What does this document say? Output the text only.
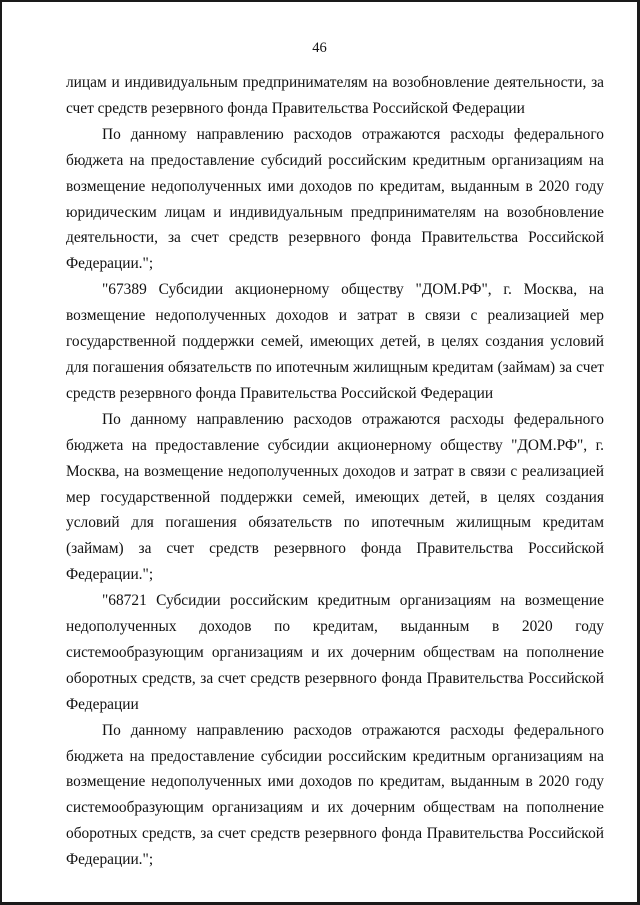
46

лицам и индивидуальным предпринимателям на возобновление деятельности, за счет средств резервного фонда Правительства Российской Федерации

По данному направлению расходов отражаются расходы федерального бюджета на предоставление субсидий российским кредитным организациям на возмещение недополученных ими доходов по кредитам, выданным в 2020 году юридическим лицам и индивидуальным предпринимателям на возобновление деятельности, за счет средств резервного фонда Правительства Российской Федерации.";

"67389 Субсидии акционерному обществу "ДОМ.РФ", г. Москва, на возмещение недополученных доходов и затрат в связи с реализацией мер государственной поддержки семей, имеющих детей, в целях создания условий для погашения обязательств по ипотечным жилищным кредитам (займам) за счет средств резервного фонда Правительства Российской Федерации

По данному направлению расходов отражаются расходы федерального бюджета на предоставление субсидии акционерному обществу "ДОМ.РФ", г. Москва, на возмещение недополученных доходов и затрат в связи с реализацией мер государственной поддержки семей, имеющих детей, в целях создания условий для погашения обязательств по ипотечным жилищным кредитам (займам) за счет средств резервного фонда Правительства Российской Федерации.";

"68721 Субсидии российским кредитным организациям на возмещение недополученных доходов по кредитам, выданным в 2020 году системообразующим организациям и их дочерним обществам на пополнение оборотных средств, за счет средств резервного фонда Правительства Российской Федерации

По данному направлению расходов отражаются расходы федерального бюджета на предоставление субсидии российским кредитным организациям на возмещение недополученных ими доходов по кредитам, выданным в 2020 году системообразующим организациям и их дочерним обществам на пополнение оборотных средств, за счет средств резервного фонда Правительства Российской Федерации.";
